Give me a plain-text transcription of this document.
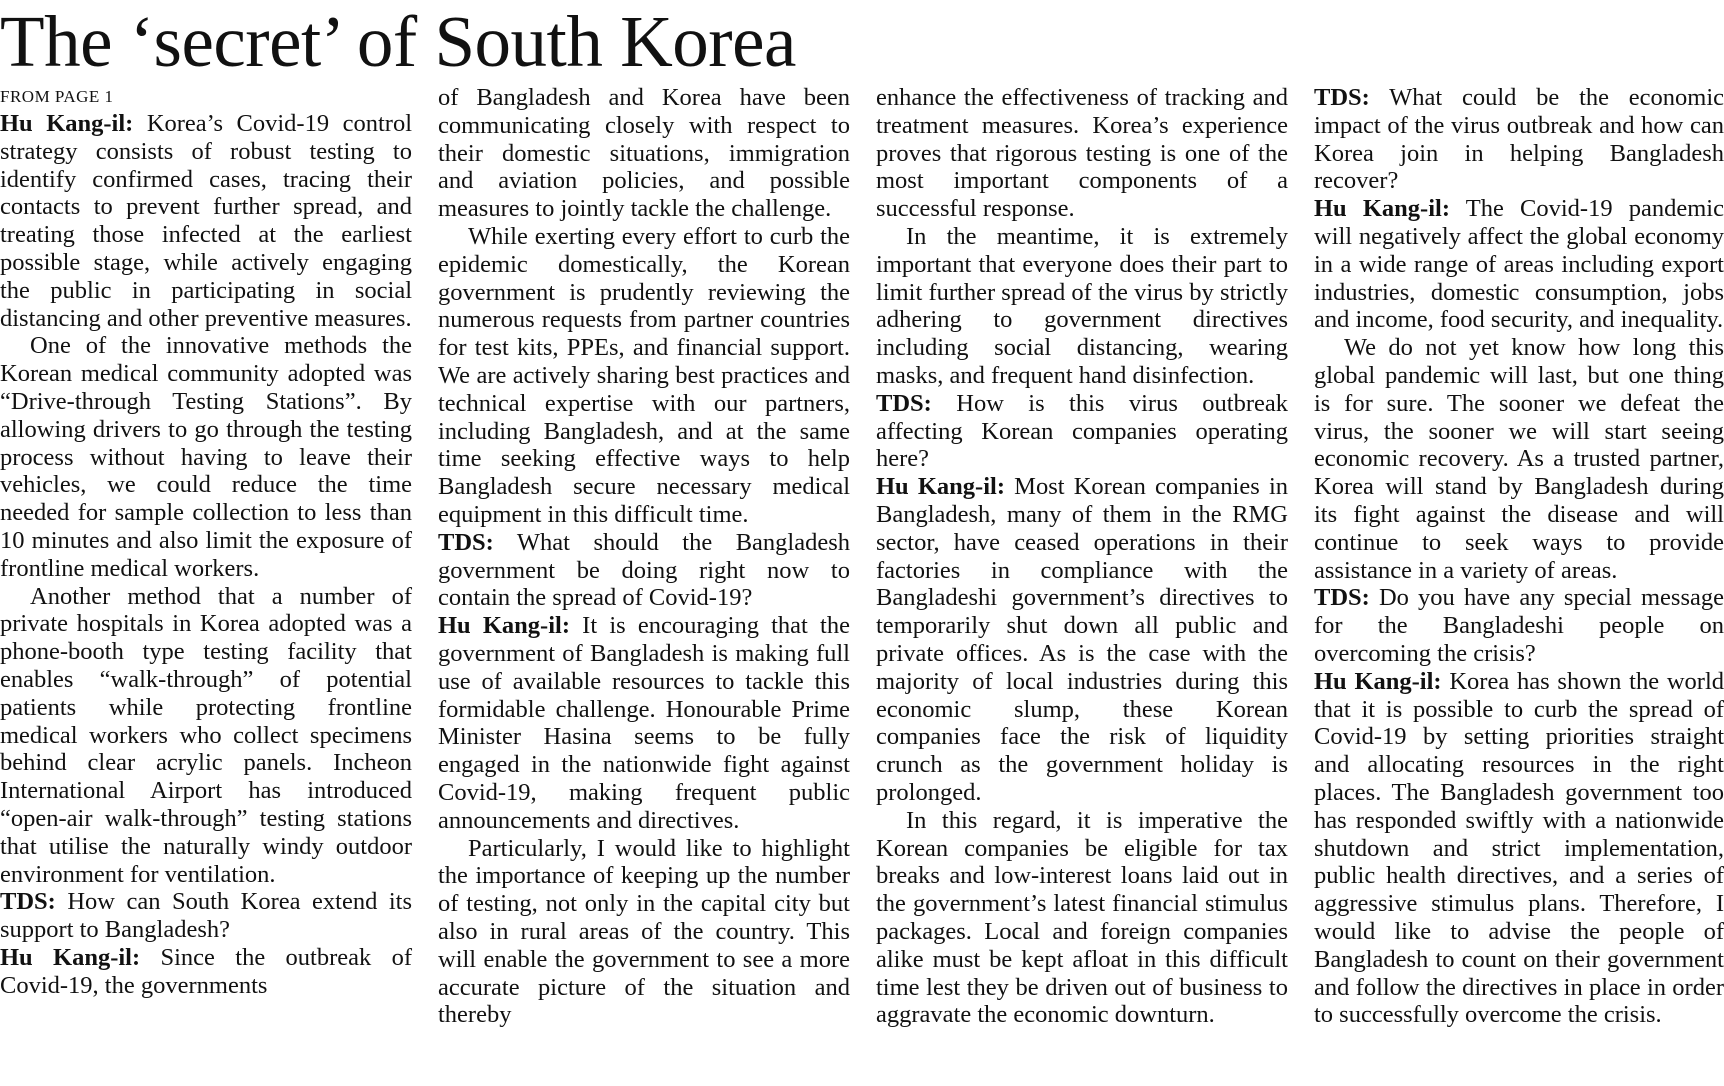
The ‘secret’ of South Korea
FROM PAGE 1

Hu Kang-il: Korea’s Covid-19 control strategy consists of robust testing to identify confirmed cases, tracing their contacts to prevent further spread, and treating those infected at the earliest possible stage, while actively engaging the public in participating in social distancing and other preventive measures.

One of the innovative methods the Korean medical community adopted was “Drive-through Testing Stations”. By allowing drivers to go through the testing process without having to leave their vehicles, we could reduce the time needed for sample collection to less than 10 minutes and also limit the exposure of frontline medical workers.

Another method that a number of private hospitals in Korea adopted was a phone-booth type testing facility that enables “walk-through” of potential patients while protecting frontline medical workers who collect specimens behind clear acrylic panels. Incheon International Airport has introduced “open-air walk-through” testing stations that utilise the naturally windy outdoor environment for ventilation.

TDS: How can South Korea extend its support to Bangladesh?

Hu Kang-il: Since the outbreak of Covid-19, the governments

of Bangladesh and Korea have been communicating closely with respect to their domestic situations, immigration and aviation policies, and possible measures to jointly tackle the challenge.

While exerting every effort to curb the epidemic domestically, the Korean government is prudently reviewing the numerous requests from partner countries for test kits, PPEs, and financial support. We are actively sharing best practices and technical expertise with our partners, including Bangladesh, and at the same time seeking effective ways to help Bangladesh secure necessary medical equipment in this difficult time.

TDS: What should the Bangladesh government be doing right now to contain the spread of Covid-19?

Hu Kang-il: It is encouraging that the government of Bangladesh is making full use of available resources to tackle this formidable challenge. Honourable Prime Minister Hasina seems to be fully engaged in the nationwide fight against Covid-19, making frequent public announcements and directives.

Particularly, I would like to highlight the importance of keeping up the number of testing, not only in the capital city but also in rural areas of the country. This will enable the government to see a more accurate picture of the situation and thereby

enhance the effectiveness of tracking and treatment measures. Korea’s experience proves that rigorous testing is one of the most important components of a successful response.

In the meantime, it is extremely important that everyone does their part to limit further spread of the virus by strictly adhering to government directives including social distancing, wearing masks, and frequent hand disinfection.

TDS: How is this virus outbreak affecting Korean companies operating here?

Hu Kang-il: Most Korean companies in Bangladesh, many of them in the RMG sector, have ceased operations in their factories in compliance with the Bangladeshi government’s directives to temporarily shut down all public and private offices. As is the case with the majority of local industries during this economic slump, these Korean companies face the risk of liquidity crunch as the government holiday is prolonged.

In this regard, it is imperative the Korean companies be eligible for tax breaks and low-interest loans laid out in the government’s latest financial stimulus packages. Local and foreign companies alike must be kept afloat in this difficult time lest they be driven out of business to aggravate the economic downturn.

TDS: What could be the economic impact of the virus outbreak and how can Korea join in helping Bangladesh recover?

Hu Kang-il: The Covid-19 pandemic will negatively affect the global economy in a wide range of areas including export industries, domestic consumption, jobs and income, food security, and inequality.

We do not yet know how long this global pandemic will last, but one thing is for sure. The sooner we defeat the virus, the sooner we will start seeing economic recovery. As a trusted partner, Korea will stand by Bangladesh during its fight against the disease and will continue to seek ways to provide assistance in a variety of areas.

TDS: Do you have any special message for the Bangladeshi people on overcoming the crisis?

Hu Kang-il: Korea has shown the world that it is possible to curb the spread of Covid-19 by setting priorities straight and allocating resources in the right places. The Bangladesh government too has responded swiftly with a nationwide shutdown and strict implementation, public health directives, and a series of aggressive stimulus plans. Therefore, I would like to advise the people of Bangladesh to count on their government and follow the directives in place in order to successfully overcome the crisis.
